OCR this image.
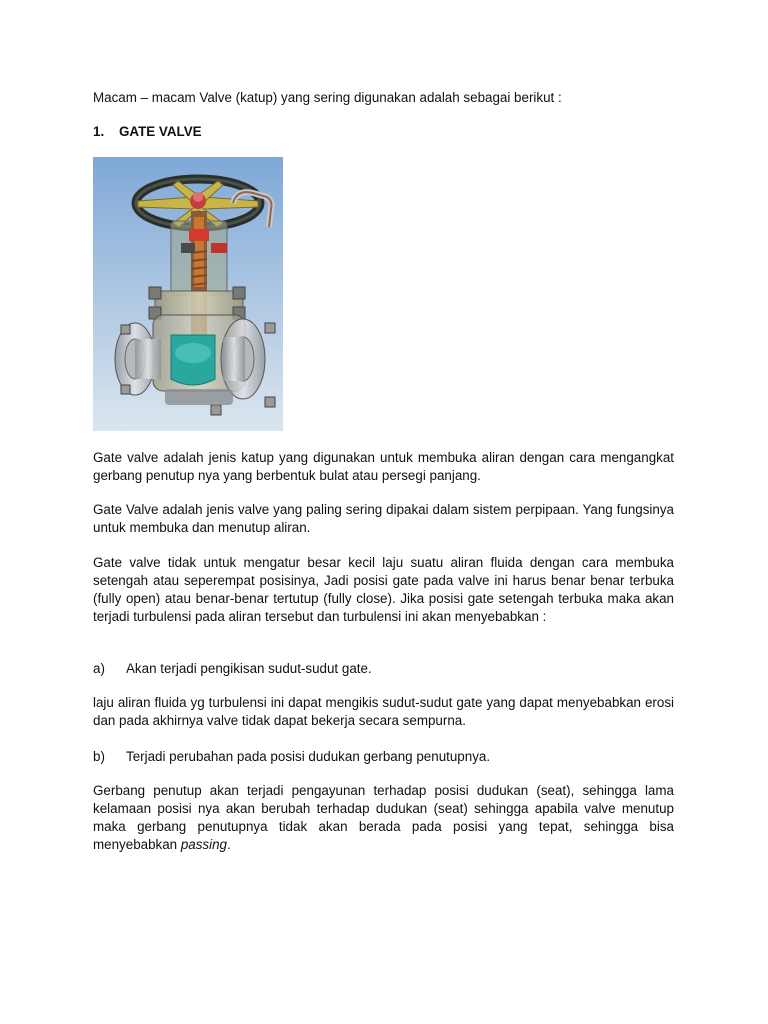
Macam – macam Valve (katup) yang sering digunakan adalah sebagai berikut :
1. GATE VALVE
Gate valve adalah jenis katup yang digunakan untuk membuka aliran dengan cara mengangkat gerbang penutup nya yang berbentuk bulat atau persegi panjang.
Gate Valve adalah jenis valve yang paling sering dipakai dalam sistem perpipaan. Yang fungsinya untuk membuka dan menutup aliran.
Gate valve tidak untuk mengatur besar kecil laju suatu aliran fluida dengan cara membuka setengah atau seperempat posisinya, Jadi posisi gate pada valve ini harus benar benar terbuka (fully open) atau benar-benar tertutup (fully close). Jika posisi gate setengah terbuka maka akan terjadi turbulensi pada aliran tersebut dan turbulensi ini akan menyebabkan :
a) Akan terjadi pengikisan sudut-sudut gate.
laju aliran fluida yg turbulensi ini dapat mengikis sudut-sudut gate yang dapat menyebabkan erosi dan pada akhirnya valve tidak dapat bekerja secara sempurna.
b) Terjadi perubahan pada posisi dudukan gerbang penutupnya.
Gerbang penutup akan terjadi pengayunan terhadap posisi dudukan (seat), sehingga lama kelamaan posisi nya akan berubah terhadap dudukan (seat) sehingga apabila valve menutup maka gerbang penutupnya tidak akan berada pada posisi yang tepat, sehingga bisa menyebabkan passing.
